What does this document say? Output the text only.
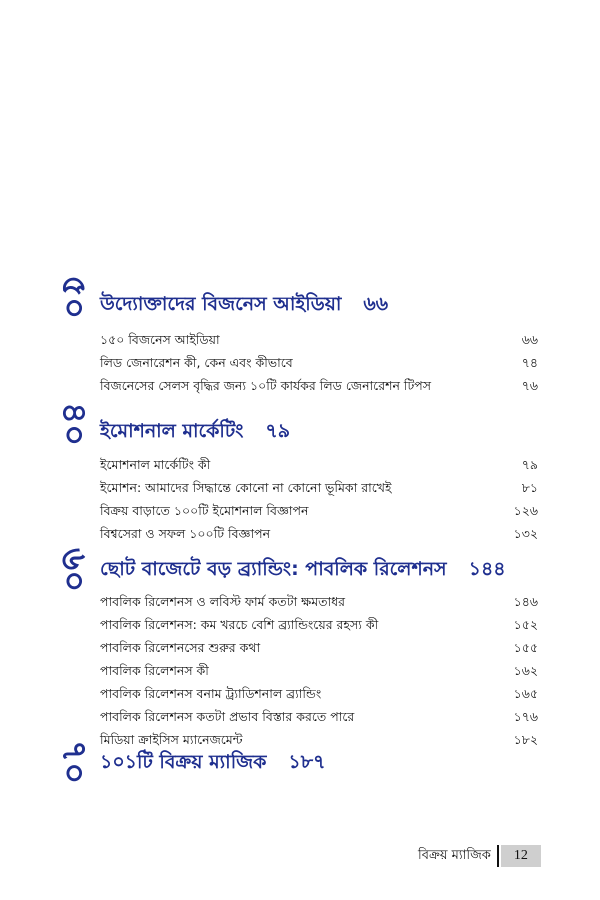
৫০ উদ্যোক্তাদের বিজনেস আইডিয়া ৬৬
১৫০ বিজনেস আইডিয়া	৬৬
লিড জেনারেশন কী, কেন এবং কীভাবে	৭৪
বিজনেসের সেলস বৃদ্ধির জন্য ১০টি কার্যকর লিড জেনারেশন টিপস	৭৬
৪০ ইমোশনাল মার্কেটিং ৭৯
ইমোশনাল মার্কেটিং কী	৭৯
ইমোশন: আমাদের সিদ্ধান্তে কোনো না কোনো ভূমিকা রাখেই	৮১
বিক্রয় বাড়াতে ১০০টি ইমোশনাল বিজ্ঞাপন	১২৬
বিশ্বসেরা ও সফল ১০০টি বিজ্ঞাপন	১৩২
৬০ ছোট বাজেটে বড় ব্র্যান্ডিং: পাবলিক রিলেশনস ১৪৪
পাবলিক রিলেশনস ও লবিস্ট ফার্ম কতটা ক্ষমতাধর	১৪৬
পাবলিক রিলেশনস: কম খরচে বেশি ব্র্যান্ডিংয়ের রহস্য কী	১৫২
পাবলিক রিলেশনসের শুরুর কথা	১৫৫
পাবলিক রিলেশনস কী	১৬২
পাবলিক রিলেশনস বনাম ট্র্যাডিশনাল ব্র্যান্ডিং	১৬৫
পাবলিক রিলেশনস কতটা প্রভাব বিস্তার করতে পারে	১৭৬
মিডিয়া ক্রাইসিস ম্যানেজমেন্ট	১৮২
৭০ ১০১টি বিক্রয় ম্যাজিক ১৮৭
বিক্রয় ম্যাজিক	12
